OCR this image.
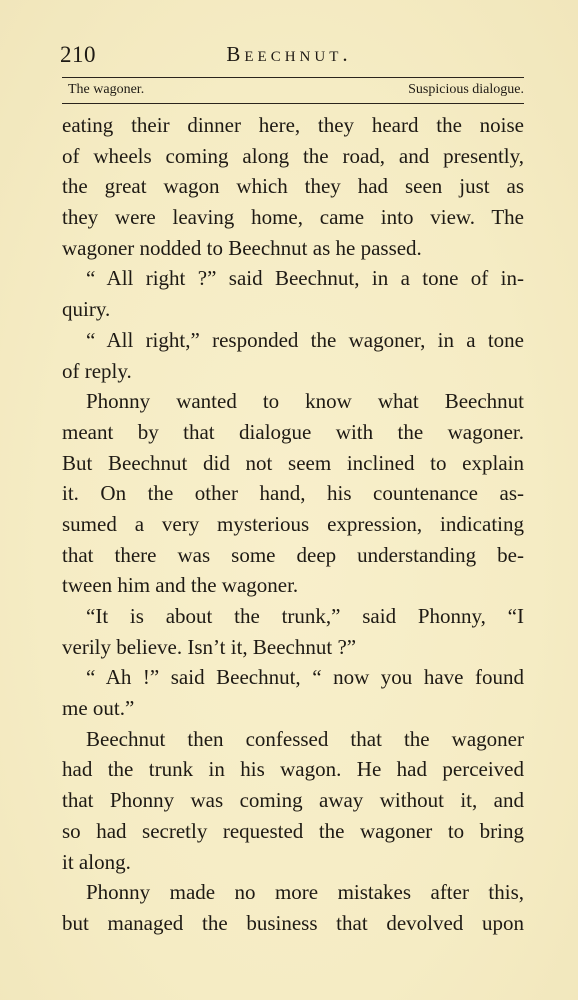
210	Beechnut.
The wagoner.	Suspicious dialogue.
eating their dinner here, they heard the noise
of wheels coming along the road, and presently,
the great wagon which they had seen just as
they were leaving home, came into view. The
wagoner nodded to Beechnut as he passed.
“ All right ?” said Beechnut, in a tone of in-
quiry.
“ All right,” responded the wagoner, in a tone
of reply.
Phonny wanted to know what Beechnut
meant by that dialogue with the wagoner.
But Beechnut did not seem inclined to explain
it. On the other hand, his countenance as-
sumed a very mysterious expression, indicating
that there was some deep understanding be-
tween him and the wagoner.
“It is about the trunk,” said Phonny, “I
verily believe. Isn’t it, Beechnut ?”
“ Ah !” said Beechnut, “ now you have found
me out.”
Beechnut then confessed that the wagoner
had the trunk in his wagon. He had perceived
that Phonny was coming away without it, and
so had secretly requested the wagoner to bring
it along.
Phonny made no more mistakes after this,
but managed the business that devolved upon
